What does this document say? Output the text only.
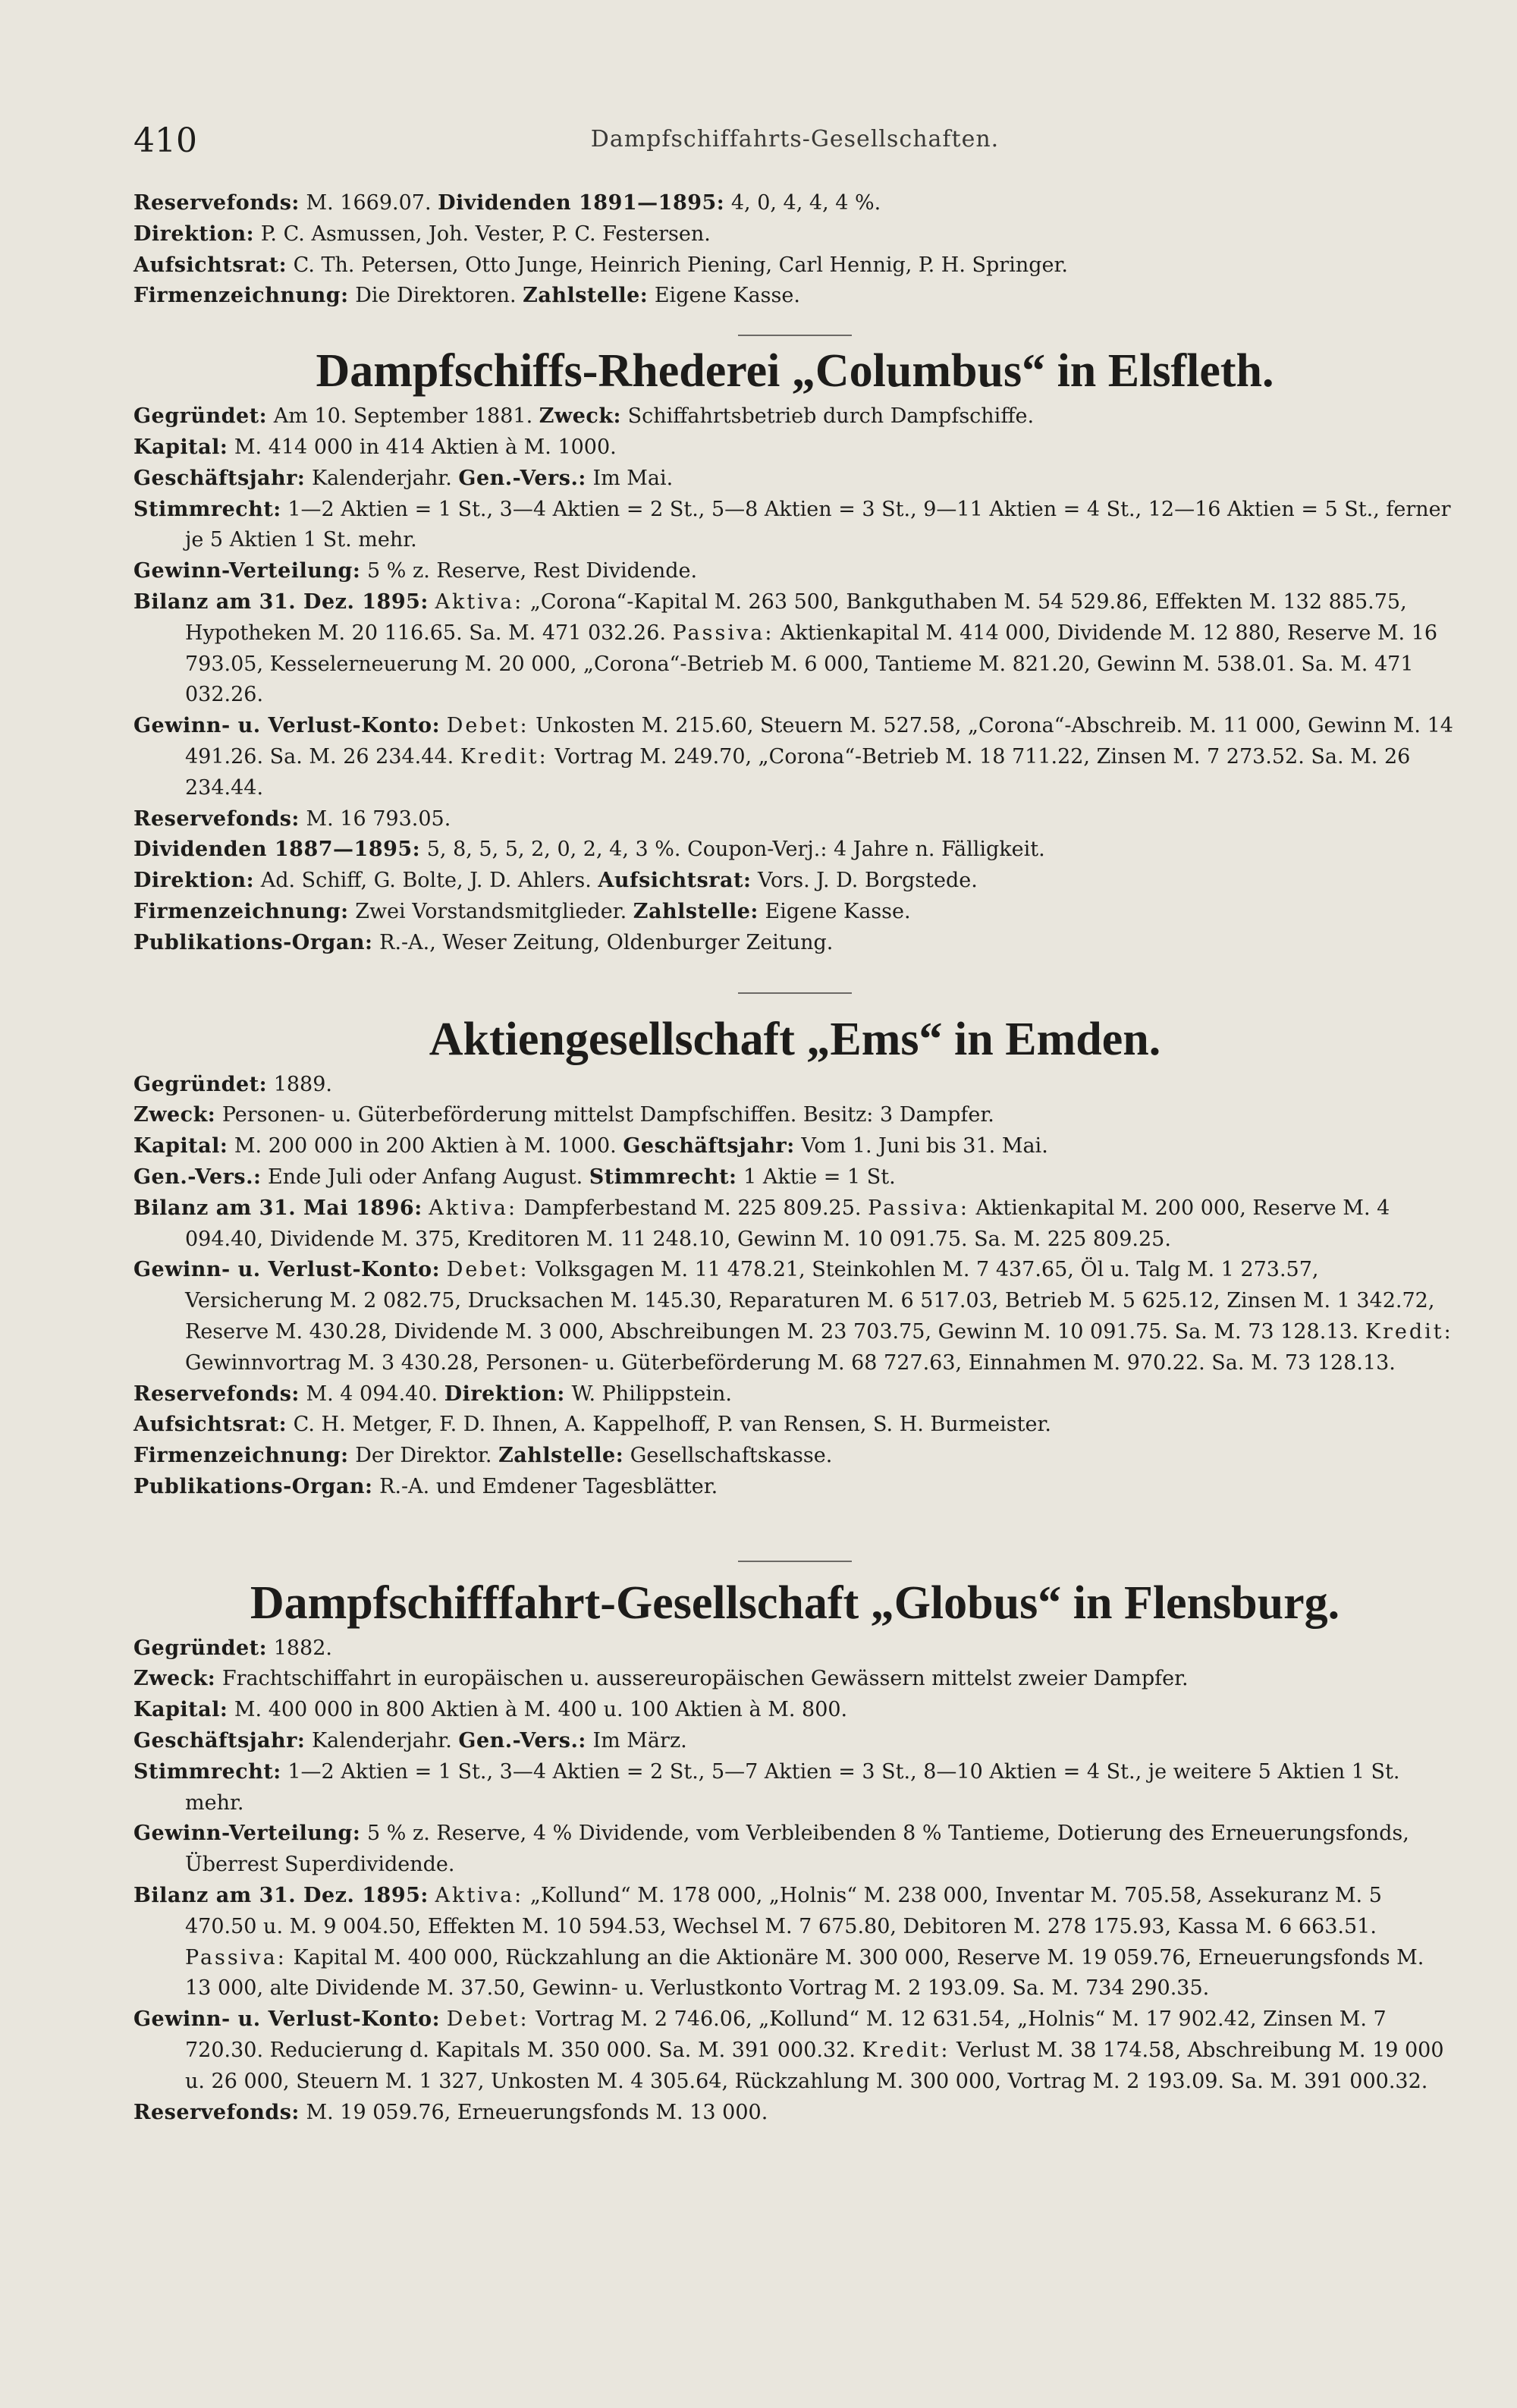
410	Dampfschiffahrts-Gesellschaften.

Reservefonds: M. 1669.07. Dividenden 1891—1895: 4, 0, 4, 4, 4 %.

Direktion: P. C. Asmussen, Joh. Vester, P. C. Festersen.

Aufsichtsrat: C. Th. Petersen, Otto Junge, Heinrich Piening, Carl Hennig, P. H. Springer.

Firmenzeichnung: Die Direktoren. Zahlstelle: Eigene Kasse.

Dampfschiffs-Rhederei „Columbus“ in Elsfleth.

Gegründet: Am 10. September 1881. Zweck: Schiffahrtsbetrieb durch Dampfschiffe.

Kapital: M. 414 000 in 414 Aktien à M. 1000.

Geschäftsjahr: Kalenderjahr. Gen.-Vers.: Im Mai.

Stimmrecht: 1—2 Aktien = 1 St., 3—4 Aktien = 2 St., 5—8 Aktien = 3 St., 9—11 Aktien = 4 St., 12—16 Aktien = 5 St., ferner je 5 Aktien 1 St. mehr.

Gewinn-Verteilung: 5 % z. Reserve, Rest Dividende.

Bilanz am 31. Dez. 1895: Aktiva: „Corona“-Kapital M. 263 500, Bankguthaben M. 54 529.86, Effekten M. 132 885.75, Hypotheken M. 20 116.65. Sa. M. 471 032.26. Passiva: Aktienkapital M. 414 000, Dividende M. 12 880, Reserve M. 16 793.05, Kesselerneuerung M. 20 000, „Corona“-Betrieb M. 6 000, Tantieme M. 821.20, Gewinn M. 538.01. Sa. M. 471 032.26.

Gewinn- u. Verlust-Konto: Debet: Unkosten M. 215.60, Steuern M. 527.58, „Corona“-Abschreib. M. 11 000, Gewinn M. 14 491.26. Sa. M. 26 234.44. Kredit: Vortrag M. 249.70, „Corona“-Betrieb M. 18 711.22, Zinsen M. 7 273.52. Sa. M. 26 234.44.

Reservefonds: M. 16 793.05.

Dividenden 1887—1895: 5, 8, 5, 5, 2, 0, 2, 4, 3 %. Coupon-Verj.: 4 Jahre n. Fälligkeit.

Direktion: Ad. Schiff, G. Bolte, J. D. Ahlers. Aufsichtsrat: Vors. J. D. Borgstede.

Firmenzeichnung: Zwei Vorstandsmitglieder. Zahlstelle: Eigene Kasse.

Publikations-Organ: R.-A., Weser Zeitung, Oldenburger Zeitung.

Aktiengesellschaft „Ems“ in Emden.

Gegründet: 1889.

Zweck: Personen- u. Güterbeförderung mittelst Dampfschiffen. Besitz: 3 Dampfer.

Kapital: M. 200 000 in 200 Aktien à M. 1000. Geschäftsjahr: Vom 1. Juni bis 31. Mai.

Gen.-Vers.: Ende Juli oder Anfang August. Stimmrecht: 1 Aktie = 1 St.

Bilanz am 31. Mai 1896: Aktiva: Dampferbestand M. 225 809.25. Passiva: Aktienkapital M. 200 000, Reserve M. 4 094.40, Dividende M. 375, Kreditoren M. 11 248.10, Gewinn M. 10 091.75. Sa. M. 225 809.25.

Gewinn- u. Verlust-Konto: Debet: Volksgagen M. 11 478.21, Steinkohlen M. 7 437.65, Öl u. Talg M. 1 273.57, Versicherung M. 2 082.75, Drucksachen M. 145.30, Reparaturen M. 6 517.03, Betrieb M. 5 625.12, Zinsen M. 1 342.72, Reserve M. 430.28, Dividende M. 3 000, Abschreibungen M. 23 703.75, Gewinn M. 10 091.75. Sa. M. 73 128.13. Kredit: Gewinnvortrag M. 3 430.28, Personen- u. Güterbeförderung M. 68 727.63, Einnahmen M. 970.22. Sa. M. 73 128.13.

Reservefonds: M. 4 094.40. Direktion: W. Philippstein.

Aufsichtsrat: C. H. Metger, F. D. Ihnen, A. Kappelhoff, P. van Rensen, S. H. Burmeister.

Firmenzeichnung: Der Direktor. Zahlstelle: Gesellschaftskasse.

Publikations-Organ: R.-A. und Emdener Tagesblätter.

Dampfschifffahrt-Gesellschaft „Globus“ in Flensburg.

Gegründet: 1882.

Zweck: Frachtschiffahrt in europäischen u. aussereuropäischen Gewässern mittelst zweier Dampfer.

Kapital: M. 400 000 in 800 Aktien à M. 400 u. 100 Aktien à M. 800.

Geschäftsjahr: Kalenderjahr. Gen.-Vers.: Im März.

Stimmrecht: 1—2 Aktien = 1 St., 3—4 Aktien = 2 St., 5—7 Aktien = 3 St., 8—10 Aktien = 4 St., je weitere 5 Aktien 1 St. mehr.

Gewinn-Verteilung: 5 % z. Reserve, 4 % Dividende, vom Verbleibenden 8 % Tantieme, Dotierung des Erneuerungsfonds, Überrest Superdividende.

Bilanz am 31. Dez. 1895: Aktiva: „Kollund“ M. 178 000, „Holnis“ M. 238 000, Inventar M. 705.58, Assekuranz M. 5 470.50 u. M. 9 004.50, Effekten M. 10 594.53, Wechsel M. 7 675.80, Debitoren M. 278 175.93, Kassa M. 6 663.51. Passiva: Kapital M. 400 000, Rückzahlung an die Aktionäre M. 300 000, Reserve M. 19 059.76, Erneuerungsfonds M. 13 000, alte Dividende M. 37.50, Gewinn- u. Verlustkonto Vortrag M. 2 193.09. Sa. M. 734 290.35.

Gewinn- u. Verlust-Konto: Debet: Vortrag M. 2 746.06, „Kollund“ M. 12 631.54, „Holnis“ M. 17 902.42, Zinsen M. 7 720.30. Reducierung d. Kapitals M. 350 000. Sa. M. 391 000.32. Kredit: Verlust M. 38 174.58, Abschreibung M. 19 000 u. 26 000, Steuern M. 1 327, Unkosten M. 4 305.64, Rückzahlung M. 300 000, Vortrag M. 2 193.09. Sa. M. 391 000.32.

Reservefonds: M. 19 059.76, Erneuerungsfonds M. 13 000.
